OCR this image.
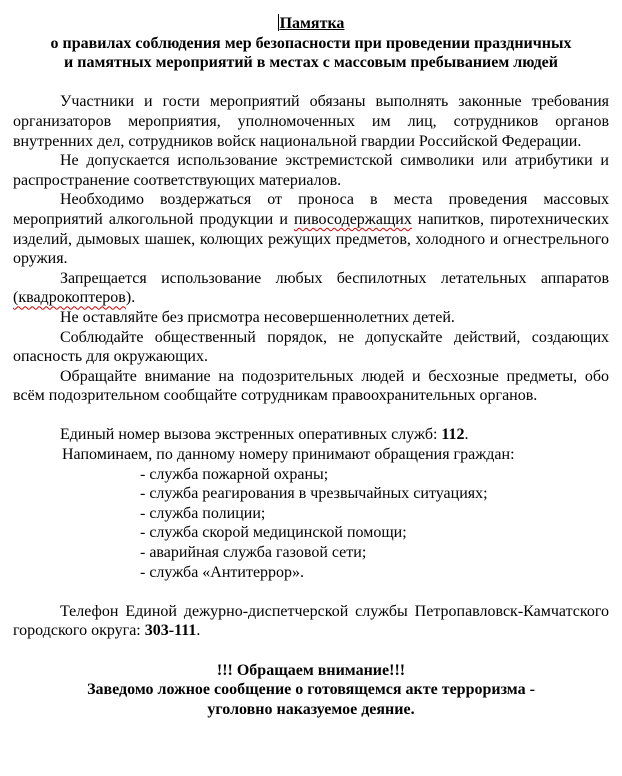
Памятка
о правилах соблюдения мер безопасности при проведении праздничных
и памятных мероприятий в местах с массовым пребыванием людей

Участники и гости мероприятий обязаны выполнять законные требования организаторов мероприятия, уполномоченных им лиц, сотрудников органов внутренних дел, сотрудников войск национальной гвардии Российской Федерации.

Не допускается использование экстремистской символики или атрибутики и распространение соответствующих материалов.

Необходимо воздержаться от проноса в места проведения массовых мероприятий алкогольной продукции и пивосодержащих напитков, пиротехнических изделий, дымовых шашек, колющих режущих предметов, холодного и огнестрельного оружия.

Запрещается использование любых беспилотных летательных аппаратов (квадрокоптеров).

Не оставляйте без присмотра несовершеннолетних детей.

Соблюдайте общественный порядок, не допускайте действий, создающих опасность для окружающих.

Обращайте внимание на подозрительных людей и бесхозные предметы, обо всём подозрительном сообщайте сотрудникам правоохранительных органов.

Единый номер вызова экстренных оперативных служб: 112.

Напоминаем, по данному номеру принимают обращения граждан:

- служба пожарной охраны;
- служба реагирования в чрезвычайных ситуациях;
- служба полиции;
- служба скорой медицинской помощи;
- аварийная служба газовой сети;
- служба «Антитеррор».

Телефон Единой дежурно-диспетчерской службы Петропавловск-Камчатского городского округа: 303-111.

!!! Обращаем внимание!!!

Заведомо ложное сообщение о готовящемся акте терроризма -

уголовно наказуемое деяние.
